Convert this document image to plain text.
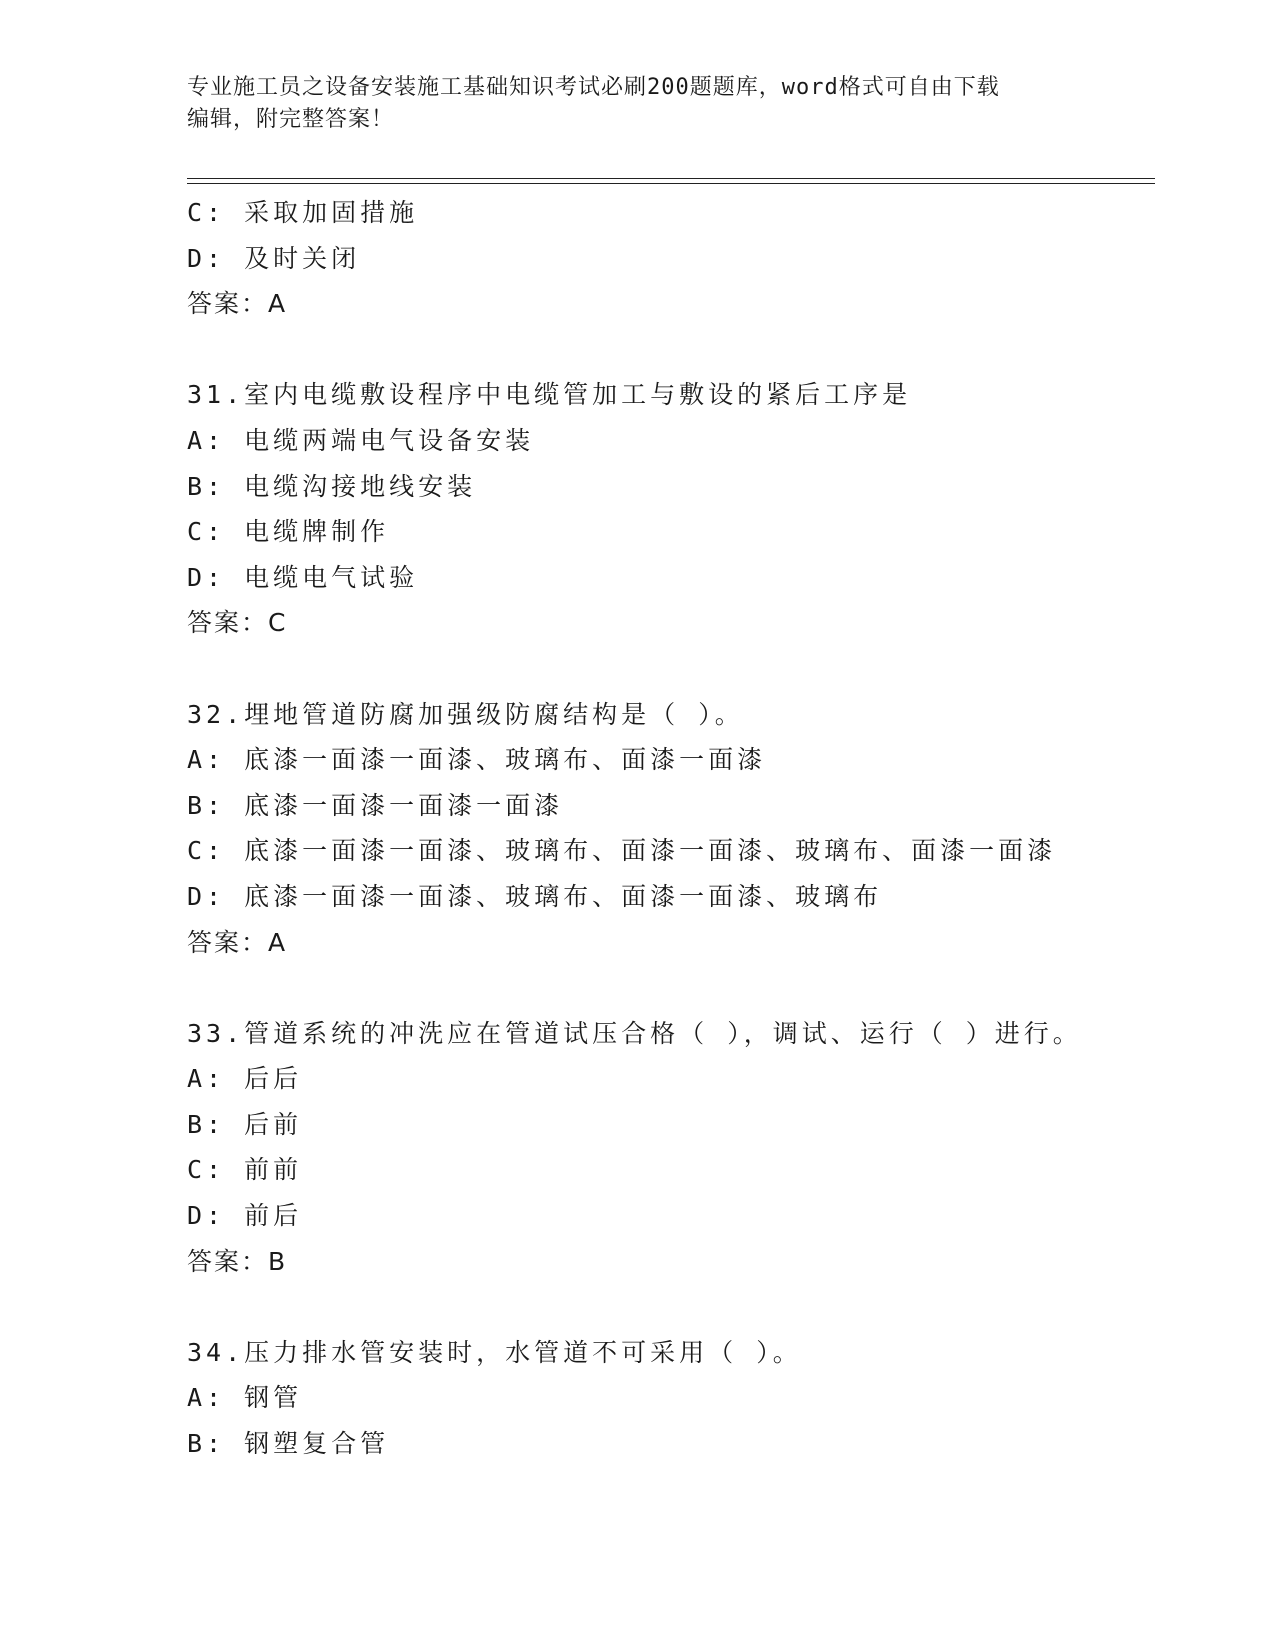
专业施工员之设备安装施工基础知识考试必刷200题题库，word格式可自由下载
编辑，附完整答案！
C: 采取加固措施
D: 及时关闭
答案：A
31.室内电缆敷设程序中电缆管加工与敷设的紧后工序是
A: 电缆两端电气设备安装
B: 电缆沟接地线安装
C: 电缆牌制作
D: 电缆电气试验
答案：C
32.埋地管道防腐加强级防腐结构是（ ）。
A: 底漆一面漆一面漆、玻璃布、面漆一面漆
B: 底漆一面漆一面漆一面漆
C: 底漆一面漆一面漆、玻璃布、面漆一面漆、玻璃布、面漆一面漆
D: 底漆一面漆一面漆、玻璃布、面漆一面漆、玻璃布
答案：A
33.管道系统的冲洗应在管道试压合格（ ），调试、运行（ ）进行。
A: 后后
B: 后前
C: 前前
D: 前后
答案：B
34.压力排水管安装时，水管道不可采用（ ）。
A: 钢管
B: 钢塑复合管
